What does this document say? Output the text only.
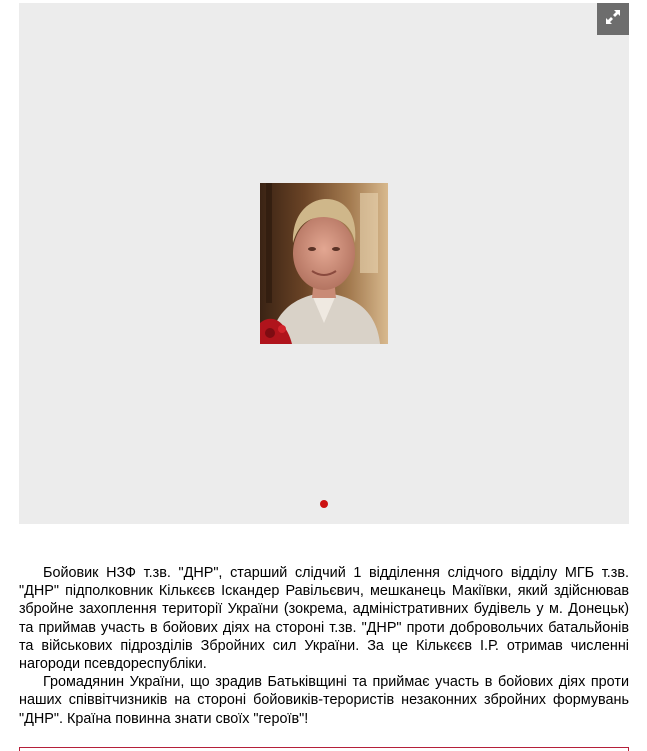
Бойовик НЗФ т.зв. "ДНР", старший слідчий 1 відділення слідчого відділу МГБ т.зв. "ДНР" підполковник Кількєєв Іскандер Равільєвич, мешканець Макіївки, який здійснював збройне захоплення території України (зокрема, адміністративних будівель у м. Донецьк) та приймав участь в бойових діях на стороні т.зв. "ДНР" проти добровольчих батальйонів та військових підрозділів Збройних сил України. За це Кількєєв І.Р. отримав численні нагороди псевдореспубліки.

Громадянин України, що зрадив Батьківщині та приймає участь в бойових діях проти наших співвітчизників на стороні бойовиків-терористів незаконних збройних формувань "ДНР". Країна повинна знати своїх "героїв"!
